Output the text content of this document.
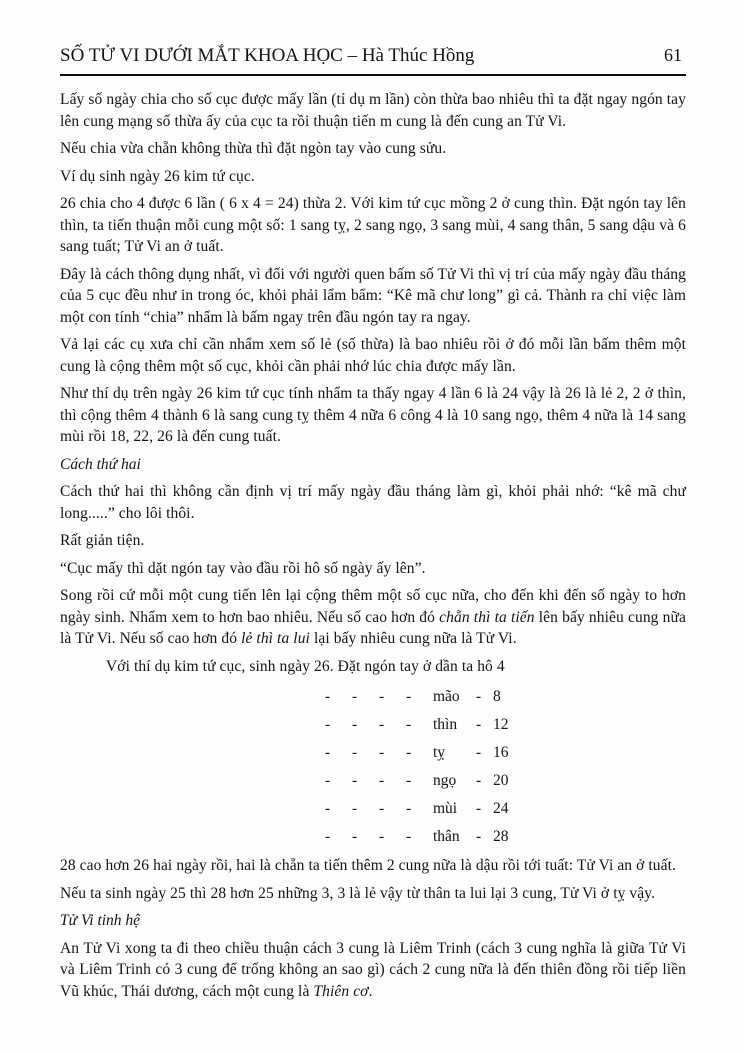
SỐ TỬ VI DƯỚI MẮT KHOA HỌC – Hà Thúc Hồng	61

Lấy số ngày chia cho số cục được mấy lần (tỉ dụ m lần) còn thừa bao nhiêu thì ta đặt ngay ngón tay lên cung mạng số thừa ấy của cục ta rồi thuận tiến m cung là đến cung an Tử Vi.

Nếu chia vừa chẵn không thừa thì đặt ngòn tay vào cung sửu.

Ví dụ sinh ngày 26 kim tứ cục.

26 chia cho 4 được 6 lần ( 6 x 4 = 24) thừa 2. Với kim tứ cục mồng 2 ở cung thìn. Đặt ngón tay lên thìn, ta tiến thuận mỗi cung một số: 1 sang tỵ, 2 sang ngọ, 3 sang mùi, 4 sang thân, 5 sang dậu và 6 sang tuất; Tử Vi an ở tuất.

Đây là cách thông dụng nhất, vì đối với người quen bấm số Tử Vi thì vị trí của mấy ngày đầu tháng của 5 cục đều như in trong óc, khỏi phải lẩm bẩm: “Kê mã chư long” gì cả. Thành ra chỉ việc làm một con tính “chia” nhẩm là bấm ngay trên đầu ngón tay ra ngay.

Vả lại các cụ xưa chỉ cần nhẩm xem số lẻ (số thừa) là bao nhiêu rồi ở đó mỗi lần bấm thêm một cung là cộng thêm một số cục, khỏi cần phải nhớ lúc chia được mấy lần.

Như thí dụ trên ngày 26 kim tứ cục tính nhẩm ta thấy ngay 4 lần 6 là 24 vậy là 26 là lẻ 2, 2 ở thìn, thì cộng thêm 4 thành 6 là sang cung tỵ thêm 4 nữa 6 công 4 là 10 sang ngọ, thêm 4 nữa là 14 sang mùi rồi 18, 22, 26 là đến cung tuất.

Cách thứ hai

Cách thứ hai thì không cần định vị trí mấy ngày đầu tháng làm gì, khỏi phải nhớ: “kê mã chư long.....” cho lôi thôi.

Rất giản tiện.

“Cục mấy thì dặt ngón tay vào đầu rồi hô số ngày ấy lên”.

Song rồi cứ mỗi một cung tiến lên lại cộng thêm một số cục nữa, cho đến khi đến số ngày to hơn ngày sinh. Nhẩm xem to hơn bao nhiêu. Nếu số cao hơn đó chẵn thì ta tiến lên bấy nhiêu cung nữa là Tử Vi. Nếu số cao hơn đó lẻ thì ta lui lại bấy nhiêu cung nữa là Tử Vi.

Với thí dụ kim tứ cục, sinh ngày 26. Đặt ngón tay ở dần ta hô 4

-	-	-	-	mão	- 8
-	-	-	-	thìn	- 12
-	-	-	-	tỵ	- 16
-	-	-	-	ngọ	- 20
-	-	-	-	mùi	- 24
-	-	-	-	thân	- 28

28 cao hơn 26 hai ngày rồi, hai là chẵn ta tiến thêm 2 cung nữa là dậu rồi tới tuất: Tử Vi an ở tuất.

Nếu ta sinh ngày 25 thì 28 hơn 25 những 3, 3 là lẻ vậy từ thân ta lui lại 3 cung, Tử Vi ở tỵ vậy.

Tử Vi tinh hệ

An Tử Vi xong ta đi theo chiều thuận cách 3 cung là Liêm Trinh (cách 3 cung nghĩa là giữa Tử Vi và Liêm Trinh có 3 cung để trống không an sao gì) cách 2 cung nữa là đến thiên đồng rồi tiếp liền Vũ khúc, Thái dương, cách một cung là Thiên cơ.
